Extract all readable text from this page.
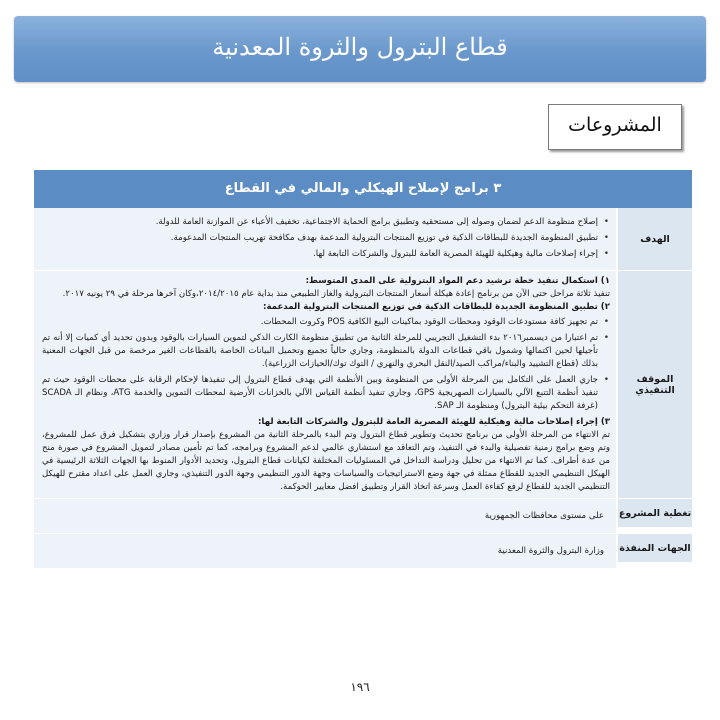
قطاع البترول والثروة المعدنية
المشروعات
٣ برامج لإصلاح الهيكلي والمالي في القطاع
الهدف
• إصلاح منظومة الدعم لضمان وصوله إلى مستحقيه وتطبيق برامج الحماية الاجتماعية، تخفيف الأعباء عن الموازنة العامة للدولة.
• تطبيق المنظومة الجديدة للبطاقات الذكية في توزيع المنتجات البترولية المدعمة بهدف مكافحة تهريب المنتجات المدعومة.
• إجراء إصلاحات مالية وهيكلية للهيئة المصرية العامة للبترول والشركات التابعة لها.
الموقف التنفيذي

١) استكمال تنفيذ خطة ترشيد دعم المواد البترولية على المدى المتوسط:

تنفيذ ثلاثة مراحل حتى الآن من برنامج إعادة هيكلة أسعار المنتجات البترولية والغاز الطبيعي منذ بداية عام ٢٠١٤/٢٠١٥،وكان آخرها مرحلة في ٢٩ يونيه ٢٠١٧.

٢) تطبيق المنظومة الجديدة للبطاقات الذكية في توزيع المنتجات البترولية المدعمة:

• تم تجهيز كافة مستودعات الوقود ومحطات الوقود بماكينات البيع الكافية POS وكروت المحطات.
• تم اعتبارا من ديسمبر٢٠١٦ بدء التشغيل التجريبي للمرحلة الثانية من تطبيق منظومة الكارت الذكي لتموين السيارات بالوقود وبدون تحديد أي كميات إلا أنه تم تأجيلها لحين اكتمالها وشمول باقي قطاعات الدولة بالمنظومة، وجاري حالياً تجميع وتحميل البيانات الخاصة بالقطاعات الغير مرخصة من قبل الجهات المعنية بذلك (قطاع التشييد والبناء/مراكب الصيد/النقل البحري والنهري / التوك توك/الحيازات الزراعية).
• جاري العمل على التكامل بين المرحلة الأولى من المنظومة وبين الأنظمة التي يهدف قطاع البترول إلى تنفيذها لإحكام الرقابة على محطات الوقود حيث تم تنفيذ أنظمة التتبع الآلي بالسيارات الصهريجية GPS، وجاري تنفيذ أنظمة القياس الآلي بالخزانات الأرضية لمحطات التموين والخدمة ATG، ونظام الـ SCADA (غرفة التحكم بيئية البترول) ومنظومة الـ SAP.

٣) إجراء إصلاحات مالية وهيكلية للهيئة المصرية العامة للبترول والشركات التابعة لها:

تم الانتهاء من المرحلة الأولى من برنامج تحديث وتطوير قطاع البترول وتم البدء بالمرحلة الثانية من المشروع بإصدار قرار وزاري بتشكيل فرق عمل للمشروع، وتم وضع برامج زمنية تفصيلية والبدء في التنفيذ، وتم التعاقد مع استشاري عالمي لدعم المشروع وبرامجه، كما تم تأمين مصادر لتمويل المشروع في صورة منح من عدة أطراف. كما تم الانتهاء من تحليل ودراسة التداخل في المسئوليات المختلفة لكيانات قطاع البترول، وتحديد الأدوار المنوط بها الجهات الثلاثة الرئيسية في الهيكل التنظيمي الجديد للقطاع ممثلة في جهة وضع الاستراتيجيات والسياسات وجهة الدور التنظيمي وجهة الدور التنفيذي، وجاري العمل على اعداد مقترح للهيكل التنظيمي الجديد للقطاع لرفع كفاءة العمل وسرعة اتخاذ القرار وتطبيق افضل معايير الحوكمة.

تغطية المشروع
على مستوى محافظات الجمهورية
الجهات المنفذة
وزارة البترول والثروة المعدنية
١٩٦
